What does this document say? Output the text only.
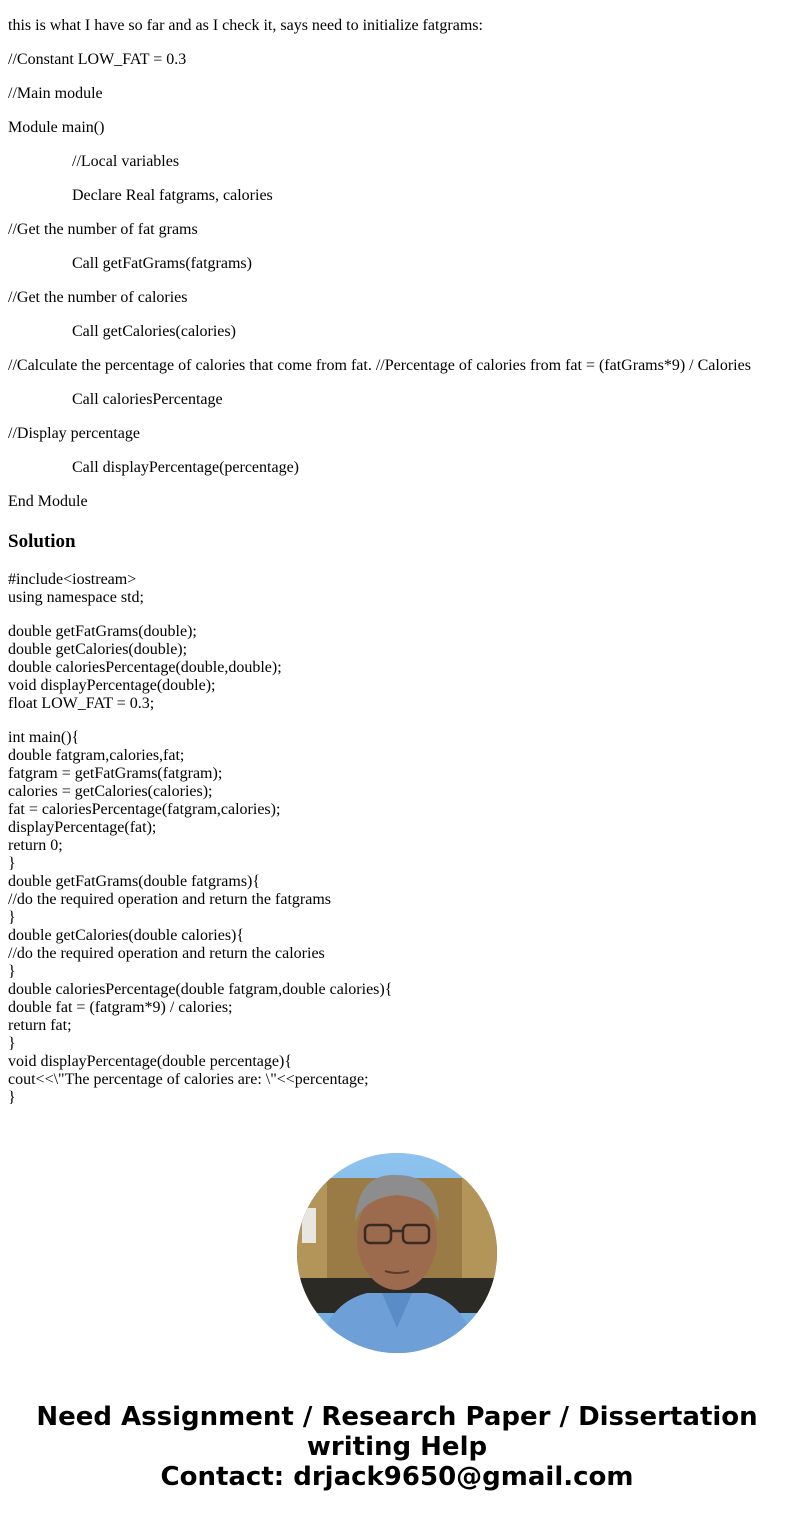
this is what I have so far and as I check it, says need to initialize fatgrams:
//Constant LOW_FAT = 0.3
//Main module
Module main()
//Local variables
Declare Real fatgrams, calories
//Get the number of fat grams
Call getFatGrams(fatgrams)
//Get the number of calories
Call getCalories(calories)
//Calculate the percentage of calories that come from fat. //Percentage of calories from fat = (fatGrams*9) / Calories
Call caloriesPercentage
//Display percentage
Call displayPercentage(percentage)
End Module
Solution
#include<iostream>
using namespace std;
double getFatGrams(double);
double getCalories(double);
double caloriesPercentage(double,double);
void displayPercentage(double);
float LOW_FAT = 0.3;
int main(){
double fatgram,calories,fat;
fatgram = getFatGrams(fatgram);
calories = getCalories(calories);
fat = caloriesPercentage(fatgram,calories);
displayPercentage(fat);
return 0;
}
double getFatGrams(double fatgrams){
//do the required operation and return the fatgrams
}
double getCalories(double calories){
//do the required operation and return the calories
}
double caloriesPercentage(double fatgram,double calories){
double fat = (fatgram*9) / calories;
return fat;
}
void displayPercentage(double percentage){
cout<<\"The percentage of calories are: \"<<percentage;
}
Need Assignment / Research Paper / Dissertation
writing Help
Contact: drjack9650@gmail.com
